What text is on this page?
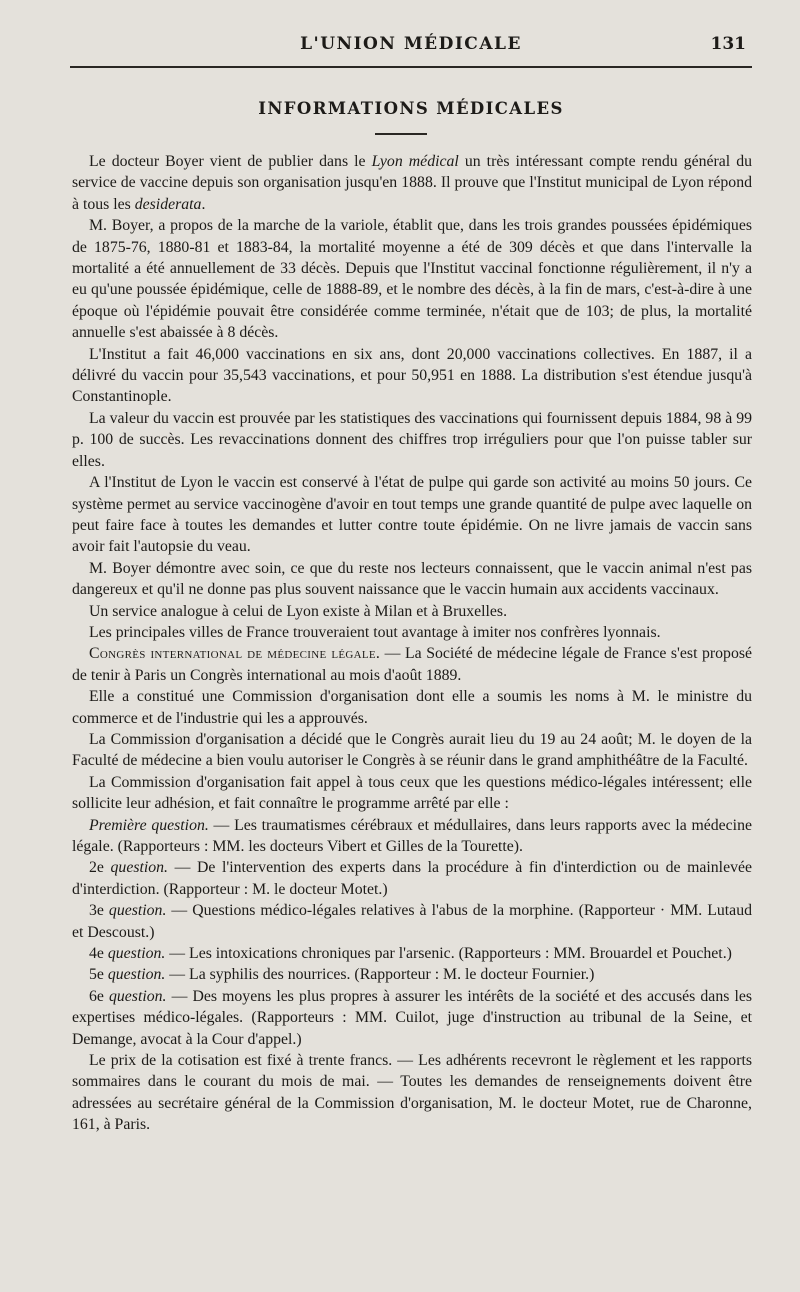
L'UNION MÉDICALE	131
INFORMATIONS MÉDICALES

Le docteur Boyer vient de publier dans le Lyon médical un très intéressant compte rendu général du service de vaccine depuis son organisation jusqu'en 1888. Il prouve que l'Institut municipal de Lyon répond à tous les desiderata.

M. Boyer, a propos de la marche de la variole, établit que, dans les trois grandes poussées épidémiques de 1875-76, 1880-81 et 1883-84, la mortalité moyenne a été de 309 décès et que dans l'intervalle la mortalité a été annuellement de 33 décès. Depuis que l'Institut vaccinal fonctionne régulièrement, il n'y a eu qu'une poussée épidémique, celle de 1888-89, et le nombre des décès, à la fin de mars, c'est-à-dire à une époque où l'épidémie pouvait être considérée comme terminée, n'était que de 103; de plus, la mortalité annuelle s'est abaissée à 8 décès.

L'Institut a fait 46,000 vaccinations en six ans, dont 20,000 vaccinations collectives. En 1887, il a délivré du vaccin pour 35,543 vaccinations, et pour 50,951 en 1888. La distribution s'est étendue jusqu'à Constantinople.

La valeur du vaccin est prouvée par les statistiques des vaccinations qui fournissent depuis 1884, 98 à 99 p. 100 de succès. Les revaccinations donnent des chiffres trop irréguliers pour que l'on puisse tabler sur elles.

A l'Institut de Lyon le vaccin est conservé à l'état de pulpe qui garde son activité au moins 50 jours. Ce système permet au service vaccinogène d'avoir en tout temps une grande quantité de pulpe avec laquelle on peut faire face à toutes les demandes et lutter contre toute épidémie. On ne livre jamais de vaccin sans avoir fait l'autopsie du veau.

M. Boyer démontre avec soin, ce que du reste nos lecteurs connaissent, que le vaccin animal n'est pas dangereux et qu'il ne donne pas plus souvent naissance que le vaccin humain aux accidents vaccinaux.

Un service analogue à celui de Lyon existe à Milan et à Bruxelles.

Les principales villes de France trouveraient tout avantage à imiter nos confrères lyonnais.

Congrès international de médecine légale. — La Société de médecine légale de France s'est proposé de tenir à Paris un Congrès international au mois d'août 1889.

Elle a constitué une Commission d'organisation dont elle a soumis les noms à M. le ministre du commerce et de l'industrie qui les a approuvés.

La Commission d'organisation a décidé que le Congrès aurait lieu du 19 au 24 août; M. le doyen de la Faculté de médecine a bien voulu autoriser le Congrès à se réunir dans le grand amphithéâtre de la Faculté.

La Commission d'organisation fait appel à tous ceux que les questions médico-légales intéressent; elle sollicite leur adhésion, et fait connaître le programme arrêté par elle :

Première question. — Les traumatismes cérébraux et médullaires, dans leurs rapports avec la médecine légale. (Rapporteurs : MM. les docteurs Vibert et Gilles de la Tourette).

2e question. — De l'intervention des experts dans la procédure à fin d'interdiction ou de mainlevée d'interdiction. (Rapporteur : M. le docteur Motet.)

3e question. — Questions médico-légales relatives à l'abus de la morphine. (Rapporteur · MM. Lutaud et Descoust.)

4e question. — Les intoxications chroniques par l'arsenic. (Rapporteurs : MM. Brouardel et Pouchet.)

5e question. — La syphilis des nourrices. (Rapporteur : M. le docteur Fournier.)

6e question. — Des moyens les plus propres à assurer les intérêts de la société et des accusés dans les expertises médico-légales. (Rapporteurs : MM. Cuilot, juge d'instruction au tribunal de la Seine, et Demange, avocat à la Cour d'appel.)

Le prix de la cotisation est fixé à trente francs. — Les adhérents recevront le règlement et les rapports sommaires dans le courant du mois de mai. — Toutes les demandes de renseignements doivent être adressées au secrétaire général de la Commission d'organisation, M. le docteur Motet, rue de Charonne, 161, à Paris.
